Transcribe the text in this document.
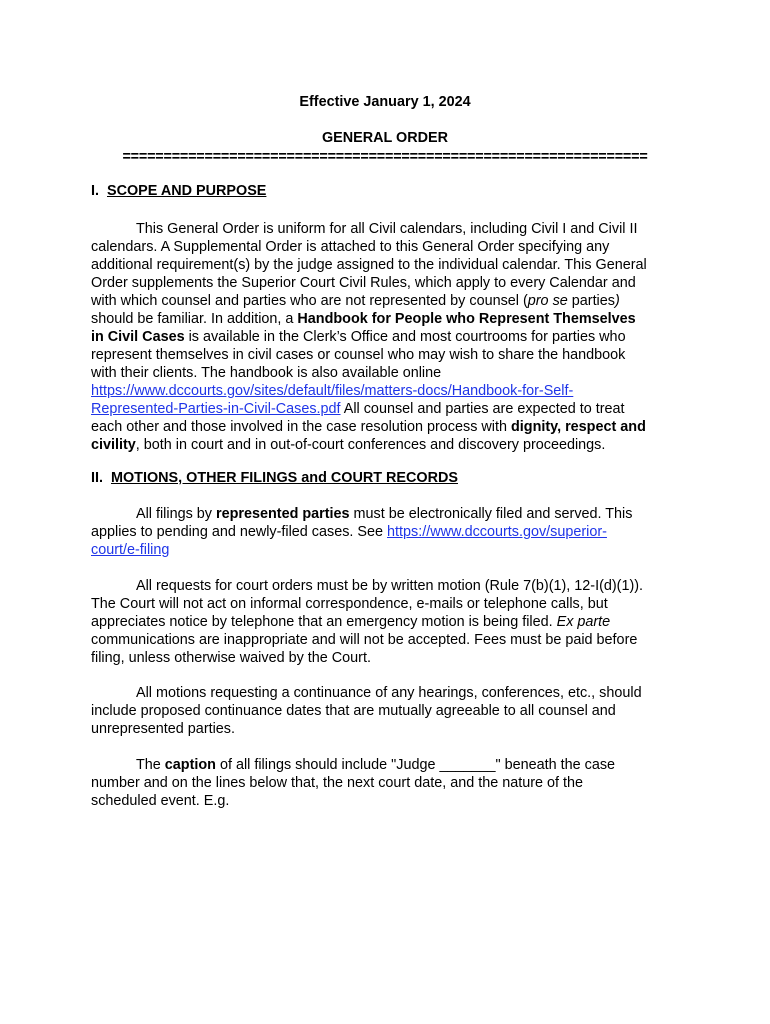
Effective January 1, 2024
GENERAL ORDER
================================================================
I. SCOPE AND PURPOSE
This General Order is uniform for all Civil calendars, including Civil I and Civil II
calendars. A Supplemental Order is attached to this General Order specifying any
additional requirement(s) by the judge assigned to the individual calendar. This General
Order supplements the Superior Court Civil Rules, which apply to every Calendar and
with which counsel and parties who are not represented by counsel (pro se parties)
should be familiar. In addition, a Handbook for People who Represent Themselves
in Civil Cases is available in the Clerk’s Office and most courtrooms for parties who
represent themselves in civil cases or counsel who may wish to share the handbook
with their clients. The handbook is also available online
https://www.dccourts.gov/sites/default/files/matters-docs/Handbook-for-Self-
Represented-Parties-in-Civil-Cases.pdf All counsel and parties are expected to treat
each other and those involved in the case resolution process with dignity, respect and
civility, both in court and in out-of-court conferences and discovery proceedings.
II. MOTIONS, OTHER FILINGS and COURT RECORDS
All filings by represented parties must be electronically filed and served. This
applies to pending and newly-filed cases. See https://www.dccourts.gov/superior-
court/e-filing
All requests for court orders must be by written motion (Rule 7(b)(1), 12-I(d)(1)).
The Court will not act on informal correspondence, e-mails or telephone calls, but
appreciates notice by telephone that an emergency motion is being filed. Ex parte
communications are inappropriate and will not be accepted. Fees must be paid before
filing, unless otherwise waived by the Court.
All motions requesting a continuance of any hearings, conferences, etc., should
include proposed continuance dates that are mutually agreeable to all counsel and
unrepresented parties.
The caption of all filings should include "Judge _______" beneath the case
number and on the lines below that, the next court date, and the nature of the
scheduled event. E.g.
